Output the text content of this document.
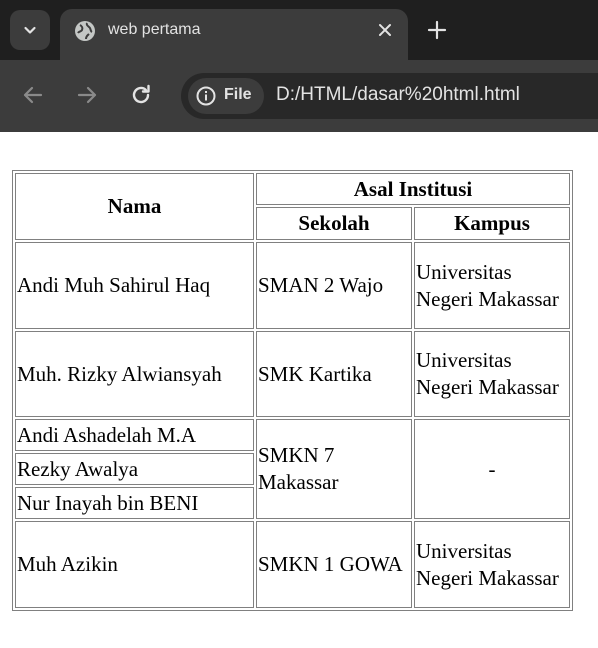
web pertama
File D:/HTML/dasar%20html.html
Nama	Asal Institusi	
	Sekolah	Kampus
Andi Muh Sahirul Haq	SMAN 2 Wajo	Universitas Negeri Makassar
Muh. Rizky Alwiansyah	SMK Kartika	Universitas Negeri Makassar
Andi Ashadelah M.A	SMKN 7 Makassar	-
Rezky Awalya		
Nur Inayah bin BENI		
Muh Azikin	SMKN 1 GOWA	Universitas Negeri Makassar
